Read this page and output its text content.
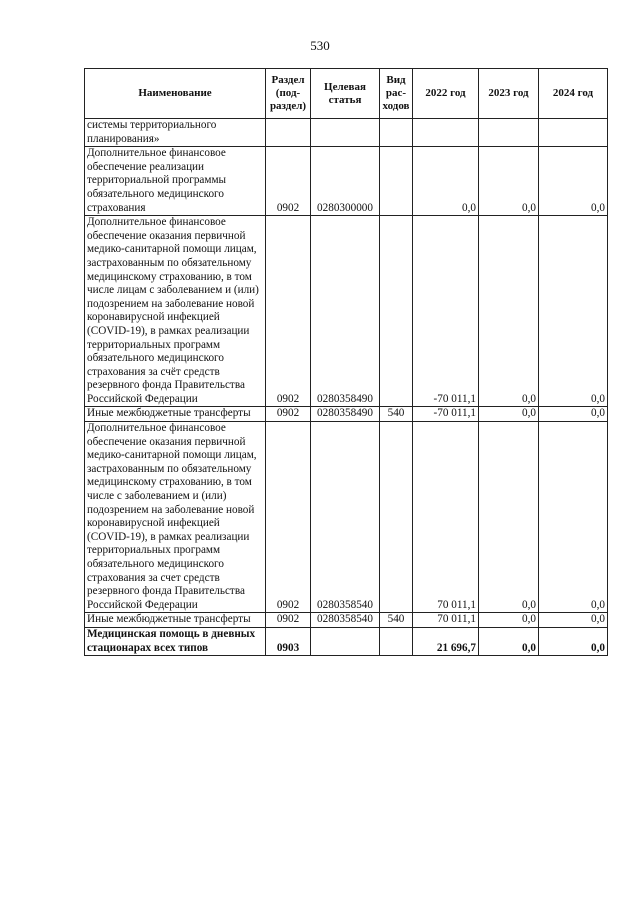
530
Наименование	Раздел (под-раздел)	Целевая статья	Вид рас-ходов	2022 год	2023 год	2024 год
системы территориального планирования»						
Дополнительное финансовое обеспечение реализации территориальной программы обязательного медицинского страхования	0902	0280300000		0,0	0,0	0,0
Дополнительное финансовое обеспечение оказания первичной медико-санитарной помощи лицам, застрахованным по обязательному медицинскому страхованию, в том числе лицам с заболеванием и (или) подозрением на заболевание новой коронавирусной инфекцией (COVID-19), в рамках реализации территориальных программ обязательного медицинского страхования за счёт средств резервного фонда Правительства Российской Федерации	0902	0280358490		-70 011,1	0,0	0,0
Иные межбюджетные трансферты	0902	0280358490	540	-70 011,1	0,0	0,0
Дополнительное финансовое обеспечение оказания первичной медико-санитарной помощи лицам, застрахованным по обязательному медицинскому страхованию, в том числе с заболеванием и (или) подозрением на заболевание новой коронавирусной инфекцией (COVID-19), в рамках реализации территориальных программ обязательного медицинского страхования за счет средств резервного фонда Правительства Российской Федерации	0902	0280358540		70 011,1	0,0	0,0
Иные межбюджетные трансферты	0902	0280358540	540	70 011,1	0,0	0,0
Медицинская помощь в дневных стационарах всех типов	0903			21 696,7	0,0	0,0
